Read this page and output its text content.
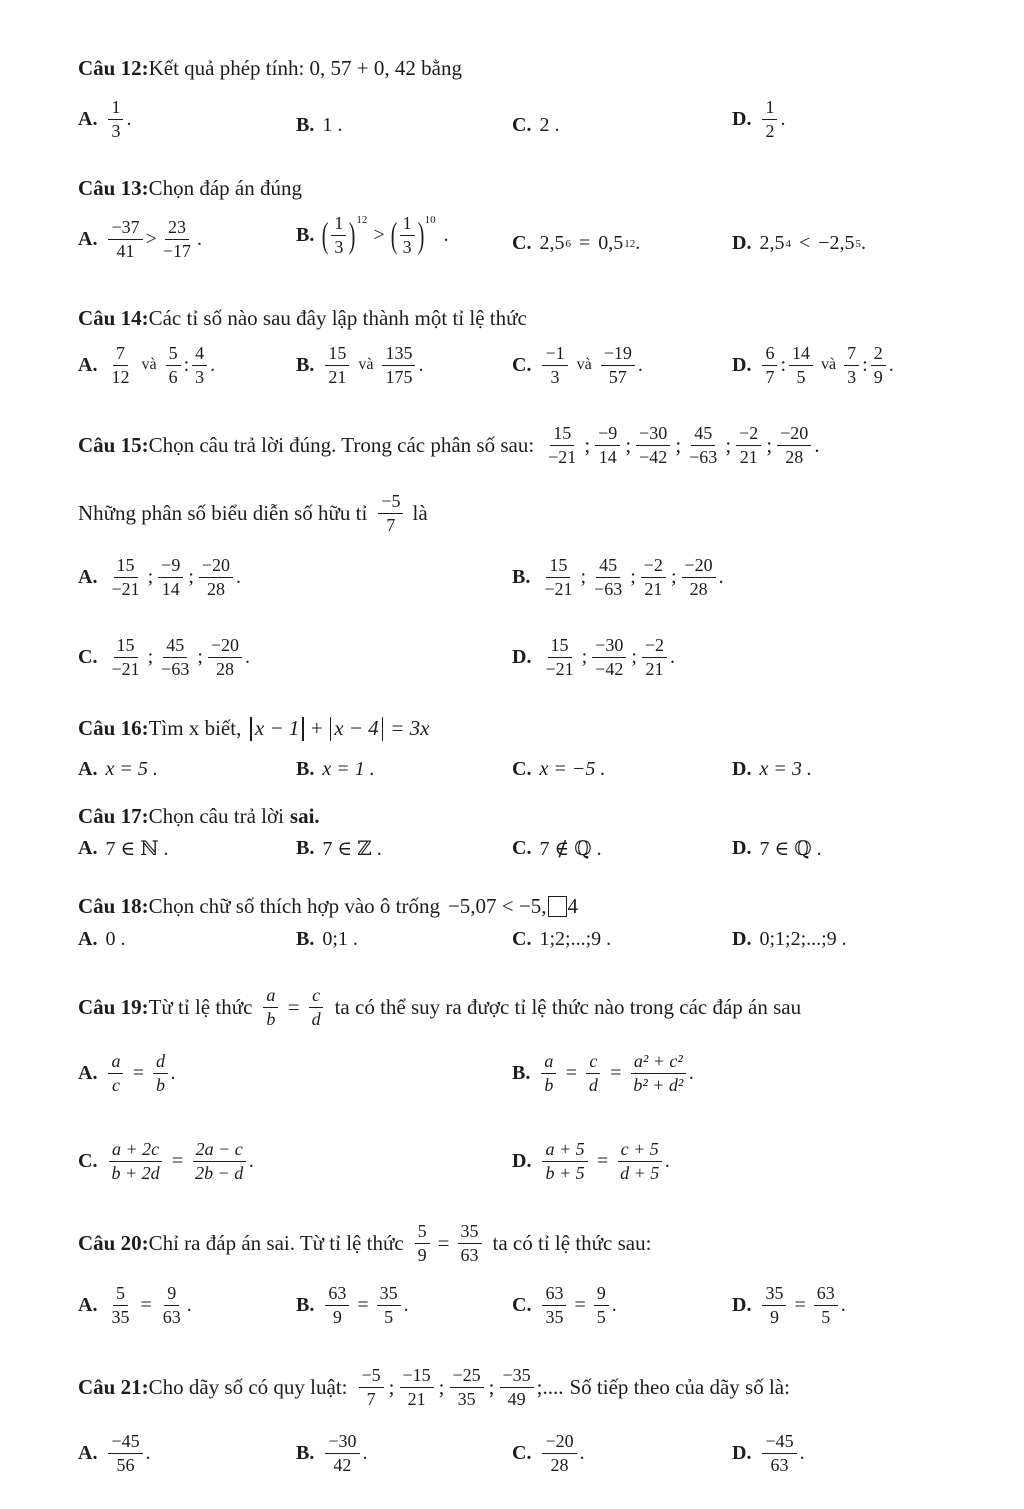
Câu 12: Kết quả phép tính: 0, 57 + 0, 42 bằng
A. $\frac{1}{3}$ .	B. 1 .	C. 2 .	D. $\frac{1}{2}$ .
Câu 13: Chọn đáp án đúng
A. $\frac{-37}{41} > \frac{23}{-17}$ .	B. ( $\frac{1}{3} )^{12}$
> ( $\frac{1}{3} )^{10}$
.	C. 2,5 6 = 0,5 12 .	D. 2,5 4 < −2,5 5 .
Câu 14: Các tỉ số nào sau đây lập thành một tỉ lệ thức
A. $\frac{7}{12}$ và $\frac{5}{6}$ : $\frac{4}{3}$ .	B. $\frac{15}{21}$ và $\frac{135}{175}$ .	C. $\frac{-1}{3}$ và $\frac{-19}{57}$ .	D. $\frac{6}{7}$ : $\frac{14}{5}$ và $\frac{7}{3}$ : $\frac{2}{9}$ .
Câu 15: Chọn câu trả lời đúng. Trong các phân số sau: $\frac{15}{-21}$ ; $\frac{-9}{14}$ ; $\frac{-30}{-42}$ ; $\frac{45}{-63}$ ; $\frac{-2}{21}$ ; $\frac{-20}{28}$ .
Những phân số biểu diễn số hữu tỉ $\frac{-5}{7}$ là
A. $\frac{15}{-21}$ ; $\frac{-9}{14}$ ; $\frac{-20}{28}$ .	B. $\frac{15}{-21}$ ; $\frac{45}{-63}$ ; $\frac{-2}{21}$ ; $\frac{-20}{28}$ .
C. $\frac{15}{-21}$ ; $\frac{45}{-63}$ ; $\frac{-20}{28}$ .	D. $\frac{15}{-21}$ ; $\frac{-30}{-42}$ ; $\frac{-2}{21}$ .
Câu 16: Tìm x biết, x − 1 + x − 4 = 3x
A. x = 5 .	B. x = 1 .	C. x = −5 .	D. x = 3 .
Câu 17: Chọn câu trả lời sai.
A. 7 ∈ ℕ .	B. 7 ∈ ℤ .	C. 7 ∉ ℚ .	D. 7 ∈ ℚ .
Câu 18: Chọn chữ số thích hợp vào ô trống −5,07 < −5, 4
A. 0 .	B. 0;1 .	C. 1;2;...;9 .	D. 0;1;2;...;9 .
Câu 19: Từ tỉ lệ thức $\frac{a}{b} = \frac{c}{d}$ ta có thể suy ra được tỉ lệ thức nào trong các đáp án sau
A. $\frac{a}{c} = \frac{d}{b}$ .	B. $\frac{a}{b} = \frac{c}{d} = \frac{\text{a² + c²}}{\text{b² + d²}}$ .
C. $\frac{a + 2c}{b + 2d} = \frac{2a - c}{2b - d}$ .	D. $\frac{a + 5}{b + 5} = \frac{c + 5}{d + 5}$ .
Câu 20: Chỉ ra đáp án sai. Từ tỉ lệ thức $\frac{5}{9} = \frac{35}{63}$ ta có tỉ lệ thức sau:
A. $\frac{5}{35} = \frac{9}{63}$ .	B. $\frac{63}{9} = \frac{35}{5}$ .	C. $\frac{63}{35} = \frac{9}{5}$ .	D. $\frac{35}{9} = \frac{63}{5}$ .
Câu 21: Cho dãy số có quy luật: $\frac{-5}{7}$ ; $\frac{-15}{21}$ ; $\frac{-25}{35}$ ; $\frac{-35}{49}$ ;.... Số tiếp theo của dãy số là:
A. $\frac{-45}{56}$ .	B. $\frac{-30}{42}$ .	C. $\frac{-20}{28}$ .	D. $\frac{-45}{63}$ .
